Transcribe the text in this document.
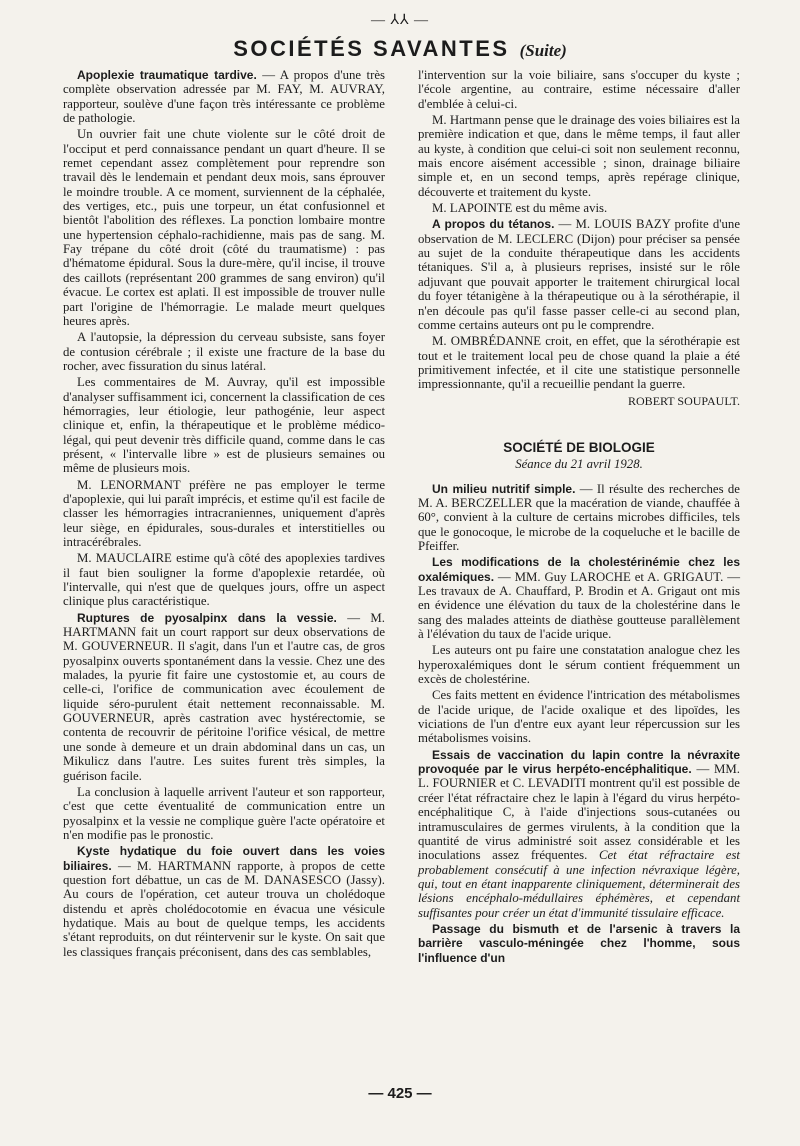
— ⅄⅄ —
SOCIÉTÉS SAVANTES (Suite)

Apoplexie traumatique tardive. — A propos d'une très complète observation adressée par M. FAY, M. AUVRAY, rapporteur, soulève d'une façon très intéressante ce problème de pathologie.

Un ouvrier fait une chute violente sur le côté droit de l'occiput et perd connaissance pendant un quart d'heure. Il se remet cependant assez complètement pour reprendre son travail dès le lendemain et pendant deux mois, sans éprouver le moindre trouble. A ce moment, surviennent de la céphalée, des vertiges, etc., puis une torpeur, un état confusionnel et bientôt l'abolition des réflexes. La ponction lombaire montre une hypertension céphalo-rachidienne, mais pas de sang. M. Fay trépane du côté droit (côté du traumatisme) : pas d'hématome épidural. Sous la dure-mère, qu'il incise, il trouve des caillots (représentant 200 grammes de sang environ) qu'il évacue. Le cortex est aplati. Il est impossible de trouver nulle part l'origine de l'hémorragie. Le malade meurt quelques heures après.

A l'autopsie, la dépression du cerveau subsiste, sans foyer de contusion cérébrale ; il existe une fracture de la base du rocher, avec fissuration du sinus latéral.

Les commentaires de M. Auvray, qu'il est impossible d'analyser suffisamment ici, concernent la classification de ces hémorragies, leur étiologie, leur pathogénie, leur aspect clinique et, enfin, la thérapeutique et le problème médico-légal, qui peut devenir très difficile quand, comme dans le cas présent, « l'intervalle libre » est de plusieurs semaines ou même de plusieurs mois.

M. LENORMANT préfère ne pas employer le terme d'apoplexie, qui lui paraît imprécis, et estime qu'il est facile de classer les hémorragies intracraniennes, uniquement d'après leur siège, en épidurales, sous-durales et interstitielles ou intracérébrales.

M. MAUCLAIRE estime qu'à côté des apoplexies tardives il faut bien souligner la forme d'apoplexie retardée, où l'intervalle, qui n'est que de quelques jours, offre un aspect clinique plus caractéristique.

Ruptures de pyosalpinx dans la vessie. — M. HARTMANN fait un court rapport sur deux observations de M. GOUVERNEUR. Il s'agit, dans l'un et l'autre cas, de gros pyosalpinx ouverts spontanément dans la vessie. Chez une des malades, la pyurie fit faire une cystostomie et, au cours de celle-ci, l'orifice de communication avec écoulement de liquide séro-purulent était nettement reconnaissable. M. GOUVERNEUR, après castration avec hystérectomie, se contenta de recouvrir de péritoine l'orifice vésical, de mettre une sonde à demeure et un drain abdominal dans un cas, un Mikulicz dans l'autre. Les suites furent très simples, la guérison facile.

La conclusion à laquelle arrivent l'auteur et son rapporteur, c'est que cette éventualité de communication entre un pyosalpinx et la vessie ne complique guère l'acte opératoire et n'en modifie pas le pronostic.

Kyste hydatique du foie ouvert dans les voies biliaires. — M. HARTMANN rapporte, à propos de cette question fort débattue, un cas de M. DANASESCO (Jassy). Au cours de l'opération, cet auteur trouva un cholédoque distendu et après cholédocotomie en évacua une vésicule hydatique. Mais au bout de quelque temps, les accidents s'étant reproduits, on dut réintervenir sur le kyste. On sait que les classiques français préconisent, dans des cas semblables,

l'intervention sur la voie biliaire, sans s'occuper du kyste ; l'école argentine, au contraire, estime nécessaire d'aller d'emblée à celui-ci.

M. Hartmann pense que le drainage des voies biliaires est la première indication et que, dans le même temps, il faut aller au kyste, à condition que celui-ci soit non seulement reconnu, mais encore aisément accessible ; sinon, drainage biliaire simple et, en un second temps, après repérage clinique, découverte et traitement du kyste.

M. LAPOINTE est du même avis.

A propos du tétanos. — M. LOUIS BAZY profite d'une observation de M. LECLERC (Dijon) pour préciser sa pensée au sujet de la conduite thérapeutique dans les accidents tétaniques. S'il a, à plusieurs reprises, insisté sur le rôle adjuvant que pouvait apporter le traitement chirurgical local du foyer tétanigène à la thérapeutique ou à la sérothérapie, il n'en découle pas qu'il fasse passer celle-ci au second plan, comme certains auteurs ont pu le comprendre.

M. OMBRÉDANNE croit, en effet, que la sérothérapie est tout et le traitement local peu de chose quand la plaie a été primitivement infectée, et il cite une statistique personnelle impressionnante, qu'il a recueillie pendant la guerre.

ROBERT SOUPAULT.

SOCIÉTÉ DE BIOLOGIE
Séance du 21 avril 1928.

Un milieu nutritif simple. — Il résulte des recherches de M. A. BERCZELLER que la macération de viande, chauffée à 60°, convient à la culture de certains microbes difficiles, tels que le gonocoque, le microbe de la coqueluche et le bacille de Pfeiffer.

Les modifications de la cholestérinémie chez les oxalémiques. — MM. Guy LAROCHE et A. GRIGAUT. — Les travaux de A. Chauffard, P. Brodin et A. Grigaut ont mis en évidence une élévation du taux de la cholestérine dans le sang des malades atteints de diathèse goutteuse parallèlement à l'élévation du taux de l'acide urique.

Les auteurs ont pu faire une constatation analogue chez les hyperoxalémiques dont le sérum contient fréquemment un excès de cholestérine.

Ces faits mettent en évidence l'intrication des métabolismes de l'acide urique, de l'acide oxalique et des lipoïdes, les viciations de l'un d'entre eux ayant leur répercussion sur les métabolismes voisins.

Essais de vaccination du lapin contre la névraxite provoquée par le virus herpéto-encéphalitique. — MM. L. FOURNIER et C. LEVADITI montrent qu'il est possible de créer l'état réfractaire chez le lapin à l'égard du virus herpéto-encéphalitique C, à l'aide d'injections sous-cutanées ou intramusculaires de germes virulents, à la condition que la quantité de virus administré soit assez considérable et les inoculations assez fréquentes. Cet état réfractaire est probablement consécutif à une infection névraxique légère, qui, tout en étant inapparente cliniquement, déterminerait des lésions encéphalo-médullaires éphémères, et cependant suffisantes pour créer un état d'immunité tissulaire efficace.

Passage du bismuth et de l'arsenic à travers la barrière vasculo-méningée chez l'homme, sous l'influence d'un

— 425 —
